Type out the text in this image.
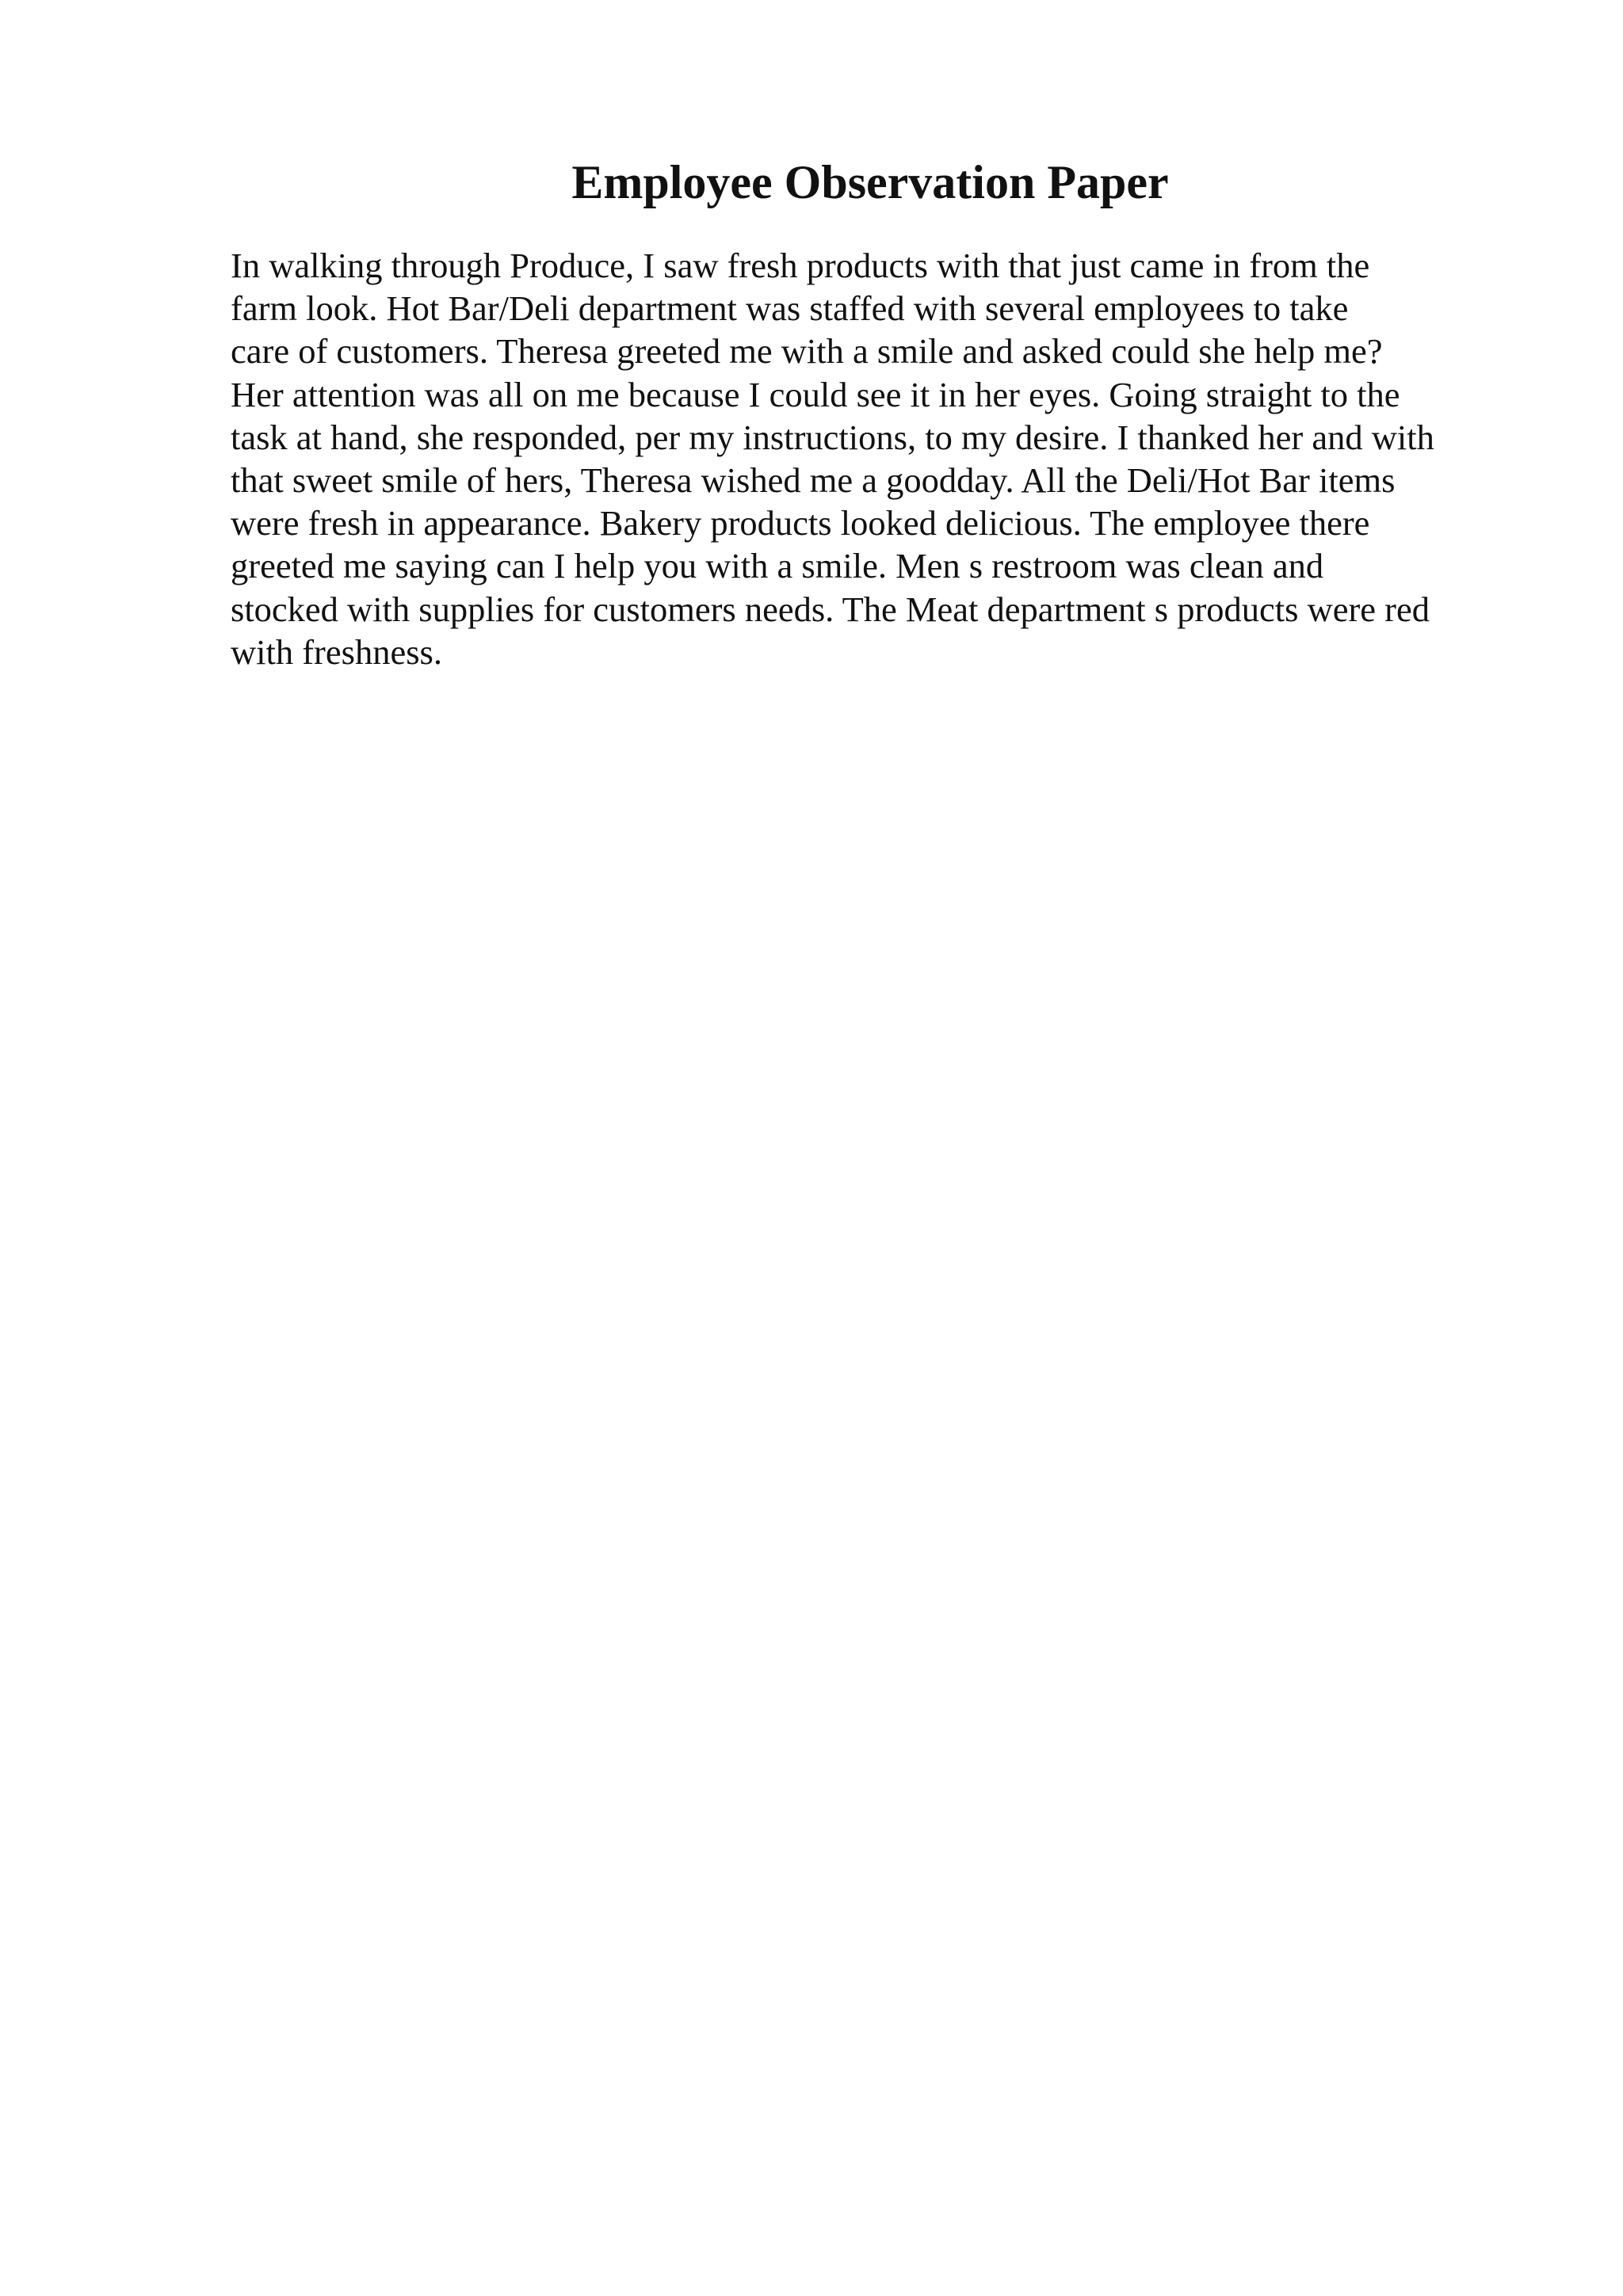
Employee Observation Paper
In walking through Produce, I saw fresh products with that just came in from the
farm look. Hot Bar/Deli department was staffed with several employees to take
care of customers. Theresa greeted me with a smile and asked could she help me?
Her attention was all on me because I could see it in her eyes. Going straight to the
task at hand, she responded, per my instructions, to my desire. I thanked her and with
that sweet smile of hers, Theresa wished me a goodday. All the Deli/Hot Bar items
were fresh in appearance. Bakery products looked delicious. The employee there
greeted me saying can I help you with a smile. Men s restroom was clean and
stocked with supplies for customers needs. The Meat department s products were red
with freshness.
